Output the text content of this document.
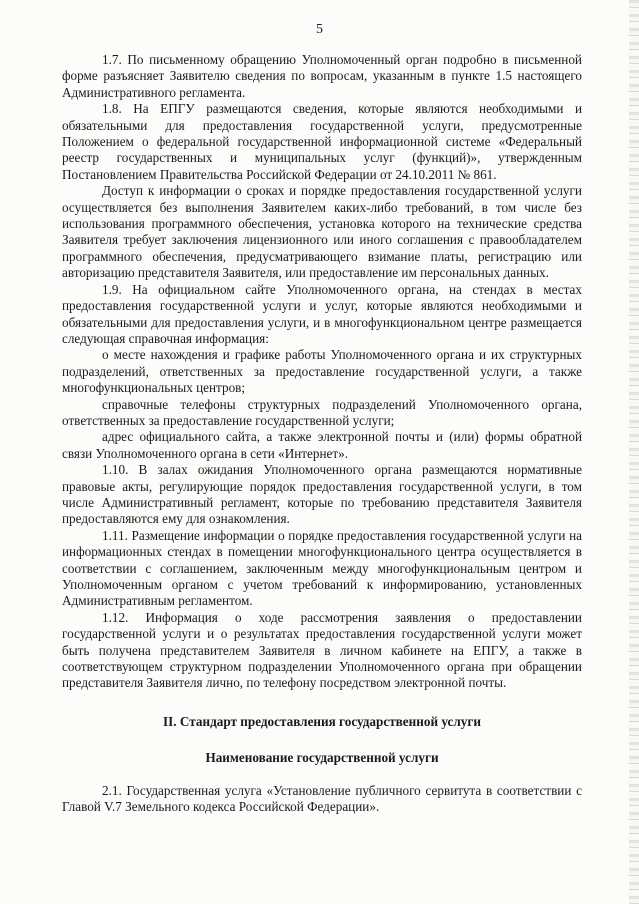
5

1.7. По письменному обращению Уполномоченный орган подробно в письменной форме разъясняет Заявителю сведения по вопросам, указанным в пункте 1.5 настоящего Административного регламента.

1.8. На ЕПГУ размещаются сведения, которые являются необходимыми и обязательными для предоставления государственной услуги, предусмотренные Положением о федеральной государственной информационной системе «Федеральный реестр государственных и муниципальных услуг (функций)», утвержденным Постановлением Правительства Российской Федерации от 24.10.2011 № 861.

Доступ к информации о сроках и порядке предоставления государственной услуги осуществляется без выполнения Заявителем каких-либо требований, в том числе без использования программного обеспечения, установка которого на технические средства Заявителя требует заключения лицензионного или иного соглашения с правообладателем программного обеспечения, предусматривающего взимание платы, регистрацию или авторизацию представителя Заявителя, или предоставление им персональных данных.

1.9. На официальном сайте Уполномоченного органа, на стендах в местах предоставления государственной услуги и услуг, которые являются необходимыми и обязательными для предоставления услуги, и в многофункциональном центре размещается следующая справочная информация:

о месте нахождения и графике работы Уполномоченного органа и их структурных подразделений, ответственных за предоставление государственной услуги, а также многофункциональных центров;

справочные телефоны структурных подразделений Уполномоченного органа, ответственных за предоставление государственной услуги;

адрес официального сайта, а также электронной почты и (или) формы обратной связи Уполномоченного органа в сети «Интернет».

1.10. В залах ожидания Уполномоченного органа размещаются нормативные правовые акты, регулирующие порядок предоставления государственной услуги, в том числе Административный регламент, которые по требованию представителя Заявителя предоставляются ему для ознакомления.

1.11. Размещение информации о порядке предоставления государственной услуги на информационных стендах в помещении многофункционального центра осуществляется в соответствии с соглашением, заключенным между многофункциональным центром и Уполномоченным органом с учетом требований к информированию, установленных Административным регламентом.

1.12. Информация о ходе рассмотрения заявления о предоставлении государственной услуги и о результатах предоставления государственной услуги может быть получена представителем Заявителя в личном кабинете на ЕПГУ, а также в соответствующем структурном подразделении Уполномоченного органа при обращении представителя Заявителя лично, по телефону посредством электронной почты.

II. Стандарт предоставления государственной услуги
Наименование государственной услуги

2.1. Государственная услуга «Установление публичного сервитута в соответствии с Главой V.7 Земельного кодекса Российской Федерации».
